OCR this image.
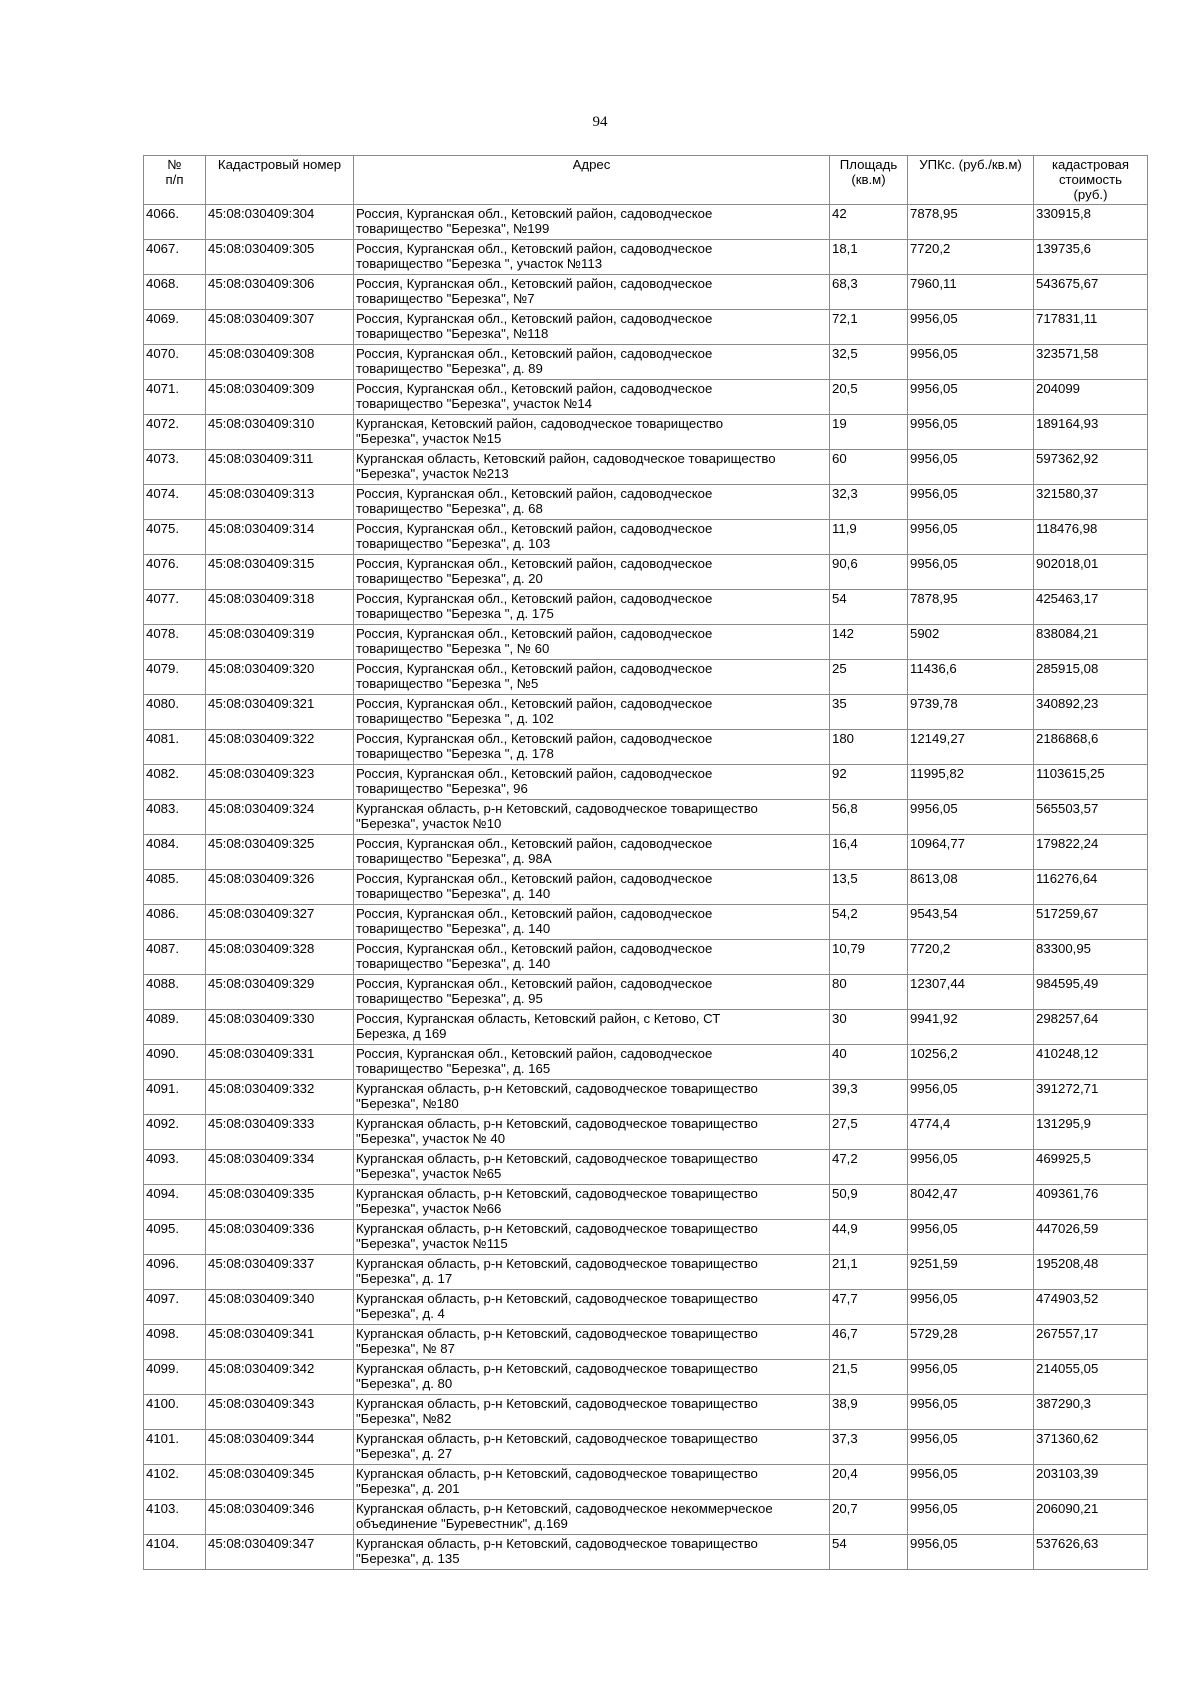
94
№
п/п	Кадастровый номер	Адрес	Площадь
(кв.м)	УПКс. (руб./кв.м)	кадастровая
стоимость
(руб.)
4066.	45:08:030409:304	Россия, Курганская обл., Кетовский район, садоводческое
товарищество "Березка", №199	42	7878,95	330915,8
4067.	45:08:030409:305	Россия, Курганская обл., Кетовский район, садоводческое
товарищество "Березка ", участок №113	18,1	7720,2	139735,6
4068.	45:08:030409:306	Россия, Курганская обл., Кетовский район, садоводческое
товарищество "Березка", №7	68,3	7960,11	543675,67
4069.	45:08:030409:307	Россия, Курганская обл., Кетовский район, садоводческое
товарищество "Березка", №118	72,1	9956,05	717831,11
4070.	45:08:030409:308	Россия, Курганская обл., Кетовский район, садоводческое
товарищество "Березка", д. 89	32,5	9956,05	323571,58
4071.	45:08:030409:309	Россия, Курганская обл., Кетовский район, садоводческое
товарищество "Березка", участок №14	20,5	9956,05	204099
4072.	45:08:030409:310	Курганская, Кетовский район, садоводческое товарищество
"Березка", участок №15	19	9956,05	189164,93
4073.	45:08:030409:311	Курганская область, Кетовский район, садоводческое товарищество
"Березка", участок №213	60	9956,05	597362,92
4074.	45:08:030409:313	Россия, Курганская обл., Кетовский район, садоводческое
товарищество "Березка", д. 68	32,3	9956,05	321580,37
4075.	45:08:030409:314	Россия, Курганская обл., Кетовский район, садоводческое
товарищество "Березка", д. 103	11,9	9956,05	118476,98
4076.	45:08:030409:315	Россия, Курганская обл., Кетовский район, садоводческое
товарищество "Березка", д. 20	90,6	9956,05	902018,01
4077.	45:08:030409:318	Россия, Курганская обл., Кетовский район, садоводческое
товарищество "Березка ", д. 175	54	7878,95	425463,17
4078.	45:08:030409:319	Россия, Курганская обл., Кетовский район, садоводческое
товарищество "Березка ", № 60	142	5902	838084,21
4079.	45:08:030409:320	Россия, Курганская обл., Кетовский район, садоводческое
товарищество "Березка ", №5	25	11436,6	285915,08
4080.	45:08:030409:321	Россия, Курганская обл., Кетовский район, садоводческое
товарищество "Березка ", д. 102	35	9739,78	340892,23
4081.	45:08:030409:322	Россия, Курганская обл., Кетовский район, садоводческое
товарищество "Березка ", д. 178	180	12149,27	2186868,6
4082.	45:08:030409:323	Россия, Курганская обл., Кетовский район, садоводческое
товарищество "Березка", 96	92	11995,82	1103615,25
4083.	45:08:030409:324	Курганская область, р-н Кетовский, садоводческое товарищество
"Березка", участок №10	56,8	9956,05	565503,57
4084.	45:08:030409:325	Россия, Курганская обл., Кетовский район, садоводческое
товарищество "Березка", д. 98А	16,4	10964,77	179822,24
4085.	45:08:030409:326	Россия, Курганская обл., Кетовский район, садоводческое
товарищество "Березка", д. 140	13,5	8613,08	116276,64
4086.	45:08:030409:327	Россия, Курганская обл., Кетовский район, садоводческое
товарищество "Березка", д. 140	54,2	9543,54	517259,67
4087.	45:08:030409:328	Россия, Курганская обл., Кетовский район, садоводческое
товарищество "Березка", д. 140	10,79	7720,2	83300,95
4088.	45:08:030409:329	Россия, Курганская обл., Кетовский район, садоводческое
товарищество "Березка", д. 95	80	12307,44	984595,49
4089.	45:08:030409:330	Россия, Курганская область, Кетовский район, с Кетово, СТ
Березка, д 169	30	9941,92	298257,64
4090.	45:08:030409:331	Россия, Курганская обл., Кетовский район, садоводческое
товарищество "Березка", д. 165	40	10256,2	410248,12
4091.	45:08:030409:332	Курганская область, р-н Кетовский, садоводческое товарищество
"Березка", №180	39,3	9956,05	391272,71
4092.	45:08:030409:333	Курганская область, р-н Кетовский, садоводческое товарищество
"Березка", участок № 40	27,5	4774,4	131295,9
4093.	45:08:030409:334	Курганская область, р-н Кетовский, садоводческое товарищество
"Березка", участок №65	47,2	9956,05	469925,5
4094.	45:08:030409:335	Курганская область, р-н Кетовский, садоводческое товарищество
"Березка", участок №66	50,9	8042,47	409361,76
4095.	45:08:030409:336	Курганская область, р-н Кетовский, садоводческое товарищество
"Березка", участок №115	44,9	9956,05	447026,59
4096.	45:08:030409:337	Курганская область, р-н Кетовский, садоводческое товарищество
"Березка", д. 17	21,1	9251,59	195208,48
4097.	45:08:030409:340	Курганская область, р-н Кетовский, садоводческое товарищество
"Березка", д. 4	47,7	9956,05	474903,52
4098.	45:08:030409:341	Курганская область, р-н Кетовский, садоводческое товарищество
"Березка", № 87	46,7	5729,28	267557,17
4099.	45:08:030409:342	Курганская область, р-н Кетовский, садоводческое товарищество
"Березка", д. 80	21,5	9956,05	214055,05
4100.	45:08:030409:343	Курганская область, р-н Кетовский, садоводческое товарищество
"Березка", №82	38,9	9956,05	387290,3
4101.	45:08:030409:344	Курганская область, р-н Кетовский, садоводческое товарищество
"Березка", д. 27	37,3	9956,05	371360,62
4102.	45:08:030409:345	Курганская область, р-н Кетовский, садоводческое товарищество
"Березка", д. 201	20,4	9956,05	203103,39
4103.	45:08:030409:346	Курганская область, р-н Кетовский, садоводческое некоммерческое
объединение "Буревестник", д.169	20,7	9956,05	206090,21
4104.	45:08:030409:347	Курганская область, р-н Кетовский, садоводческое товарищество
"Березка", д. 135	54	9956,05	537626,63
